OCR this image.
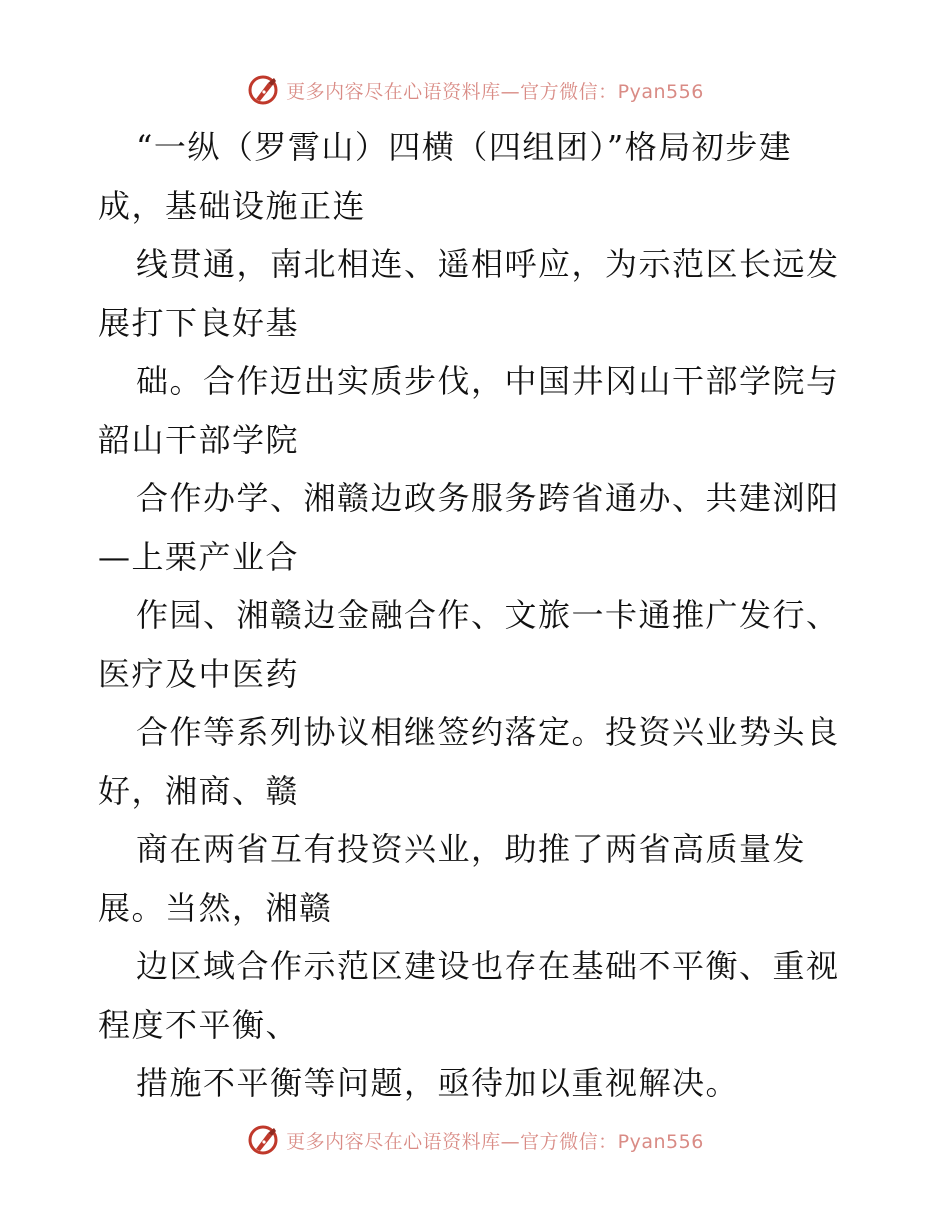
更多内容尽在心语资料库—官方微信：Pyan556
“一纵（罗霄山）四横（四组团）”格局初步建
成，基础设施正连
线贯通，南北相连、遥相呼应，为示范区长远发
展打下良好基
础。合作迈出实质步伐，中国井冈山干部学院与
韶山干部学院
合作办学、湘赣边政务服务跨省通办、共建浏阳
—上栗产业合
作园、湘赣边金融合作、文旅一卡通推广发行、
医疗及中医药
合作等系列协议相继签约落定。投资兴业势头良
好，湘商、赣
商在两省互有投资兴业，助推了两省高质量发
展。当然，湘赣
边区域合作示范区建设也存在基础不平衡、重视
程度不平衡、
措施不平衡等问题，亟待加以重视解决。
更多内容尽在心语资料库—官方微信：Pyan556
